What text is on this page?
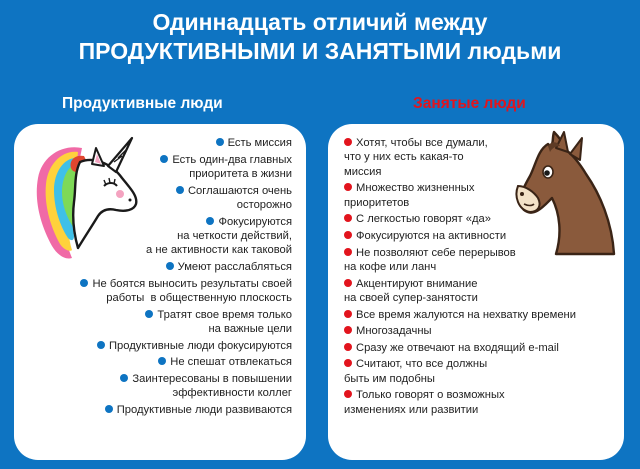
Одиннадцать отличий между
ПРОДУКТИВНЫМИ И ЗАНЯТЫМИ людьми
Продуктивные люди	Занятые люди
Есть миссия
Есть один-два главных
приоритета в жизни
Соглашаются очень
осторожно
Фокусируются
на четкости действий,
а не активности как таковой
Умеют расслабляться
Не боятся выносить результаты своей
работы  в общественную плоскость
Тратят свое время только
на важные цели
Продуктивные люди фокусируются
Не спешат отвлекаться
Заинтересованы в повышении
эффективности коллег
Продуктивные люди развиваются
Хотят, чтобы все думали,
что у них есть какая-то
миссия
Множество жизненных
приоритетов
С легкостью говорят «да»
Фокусируются на активности
Не позволяют себе перерывов
на кофе или ланч
Акцентируют внимание
на своей супер-занятости
Все время жалуются на нехватку времени
Многозадачны
Сразу же отвечают на входящий e-mail
Считают, что все должны
быть им подобны
Только говорят о возможных
изменениях или развитии
